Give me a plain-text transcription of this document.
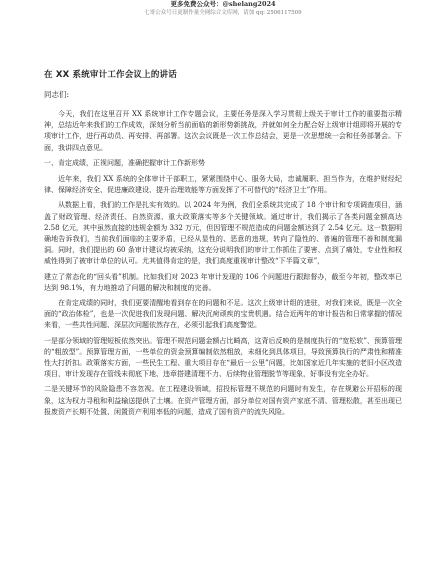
更多免费公众号：@shelang2024
七哥公众号日更制作量全网综合文库网，请加 qq: 2506117509
在 XX 系统审计工作会议上的讲话
同志们:

今天，我们在这里召开 XX 系统审计工作专题会议，主要任务是深入学习贯彻上级关于审计工作的重要指示精神，总结近年来我们的工作成效，深刻分析当前面临的新形势新挑战，并就如何全力配合好上级审计组即将开展的专项审计工作，进行再动员、再安排、再部署。这次会议既是一次工作总结会，更是一次思想统一会和任务部署会。下面，我讲四点意见。

一、肯定成绩，正视问题，准确把握审计工作新形势

近年来，我们 XX 系统的全体审计干部职工，紧紧围绕中心、服务大局，忠诚履职、担当作为，在维护财经纪律、保障经济安全、促进廉政建设、提升治理效能等方面发挥了不可替代的“经济卫士”作用。

从数据上看，我们的工作是扎实有效的。以 2024 年为例，我们全系统共完成了 18 个审计和专项调查项目，涵盖了财政管理、经济责任、自然资源、重大政策落实等多个关键领域。通过审计，我们揭示了各类问题金额高达 2.58 亿元，其中虽然直接的违规金额为 332 万元，但因管理不规范造成的问题金额达到了 2.54 亿元。这一数据明确地告诉我们，当前我们面临的主要矛盾，已经从显性的、恶意的违规，转向了隐性的、普遍的管理不善和制度漏洞。同时，我们提出的 60 条审计建议均被采纳，这充分说明我们的审计工作抓住了要害、点到了痛处，专业性和权威性得到了被审计单位的认可。尤其值得肯定的是，我们高度重视审计整改“下半篇文章”，

建立了常态化的“回头看”机制。比如我们对 2023 年审计发现的 106 个问题进行跟踪督办，截至今年初，整改率已达到 98.1%，有力地推动了问题的解决和制度的完善。

在肯定成绩的同时，我们更要清醒地看到存在的问题和不足。这次上级审计组的进驻，对我们来说，既是一次全面的“政治体检”，也是一次促进我们发现问题、解决沉疴顽疾的宝贵机遇。结合近两年的审计报告和日常掌握的情况来看，一些共性问题、深层次问题依然存在，必须引起我们高度警觉。

一是部分领域的管理短板依然突出。管理不规范问题金额占比畸高，这背后反映的是制度执行的“宽松软”、预算管理的“粗放型”。预算管理方面，一些单位的资金预算编制依然粗放，未细化到具体项目，导致预算执行的严肃性和精准性大打折扣。政策落实方面，一些民生工程、重大项目存在“最后一公里”问题，比如国家近几年实施的老旧小区改造项目，审计发现存在管线未彻底下地、违章搭建清理不力、后续物业管理脱节等现象，好事没有完全办好。

二是关键环节的风险隐患不容忽视。在工程建设领域，招投标管理不规范的问题时有发生，存在规避公开招标的现象，这为权力寻租和利益输送提供了土壤。在资产管理方面，部分单位对国有资产家底不清、管理松散，甚至出现已报废资产长期不处置、闲置资产利用率低的问题，造成了国有资产的流失风险。
